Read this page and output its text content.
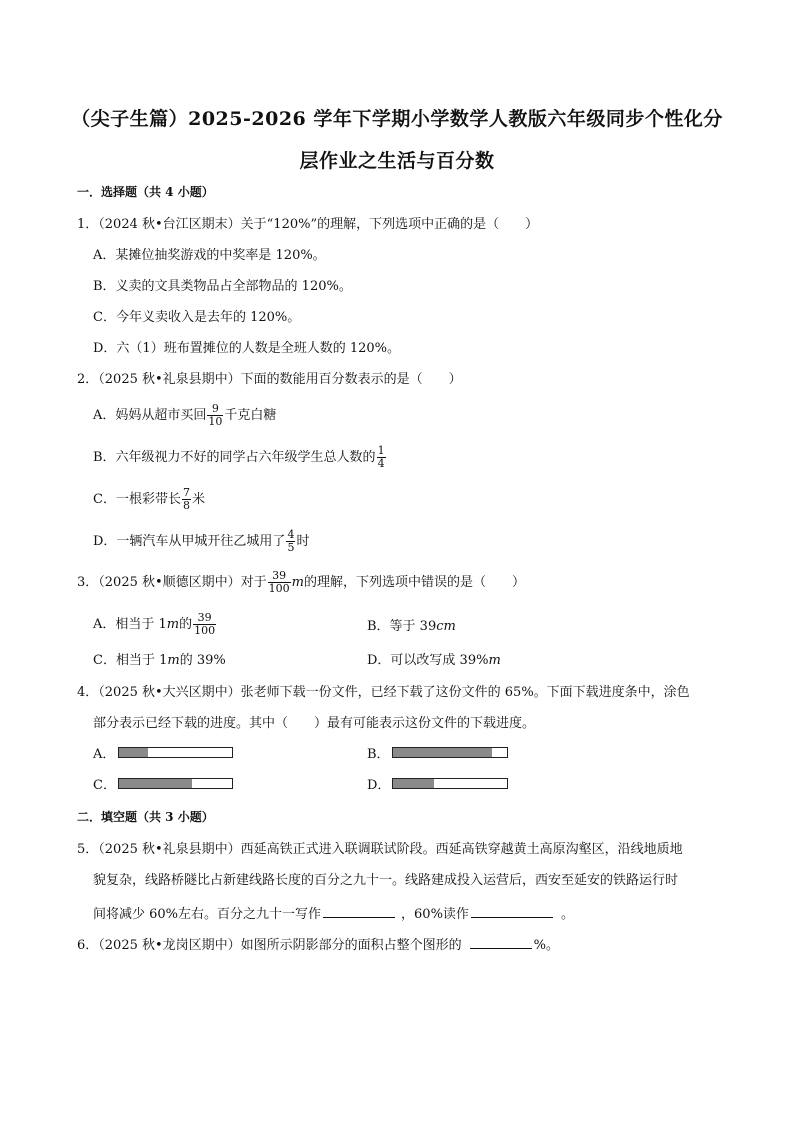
（尖子生篇）2025-2026 学年下学期小学数学人教版六年级同步个性化分
层作业之生活与百分数
一．选择题（共 4 小题）
1．（2024 秋•台江区期末）关于“120%”的理解，下列选项中正确的是（　　）
A．某摊位抽奖游戏的中奖率是 120%。
B．义卖的文具类物品占全部物品的 120%。
C．今年义卖收入是去年的 120%。
D．六（1）班布置摊位的人数是全班人数的 120%。
2．（2025 秋•礼泉县期中）下面的数能用百分数表示的是（　　）
A．妈妈从超市买回 $\frac{9}{10}$ 千克白糖
B．六年级视力不好的同学占六年级学生总人数的 $\frac{1}{4}$
C．一根彩带长 $\frac{7}{8}$ 米
D．一辆汽车从甲城开往乙城用了 $\frac{4}{5}$ 时
3．（2025 秋•顺德区期中）对于 $\frac{39}{100}$ m的理解，下列选项中错误的是（　　）
A．相当于 1m的 $\frac{39}{100}$	B．等于 39cm
C．相当于 1m的 39%	D．可以改写成 39%m
4．（2025 秋•大兴区期中）张老师下载一份文件，已经下载了这份文件的 65%。下面下载进度条中，涂色
部分表示已经下载的进度。其中（　　）最有可能表示这份文件的下载进度。
A．	B．
C．	D．
二．填空题（共 3 小题）
5．（2025 秋•礼泉县期中）西延高铁正式进入联调联试阶段。西延高铁穿越黄土高原沟壑区，沿线地质地
貌复杂，线路桥隧比占新建线路长度的百分之九十一。线路建成投入运营后，西安至延安的铁路运行时
间将减少 60%左右。百分之九十一写作	，60%读作	。
6．（2025 秋•龙岗区期中）如图所示阴影部分的面积占整个图形的	%。
